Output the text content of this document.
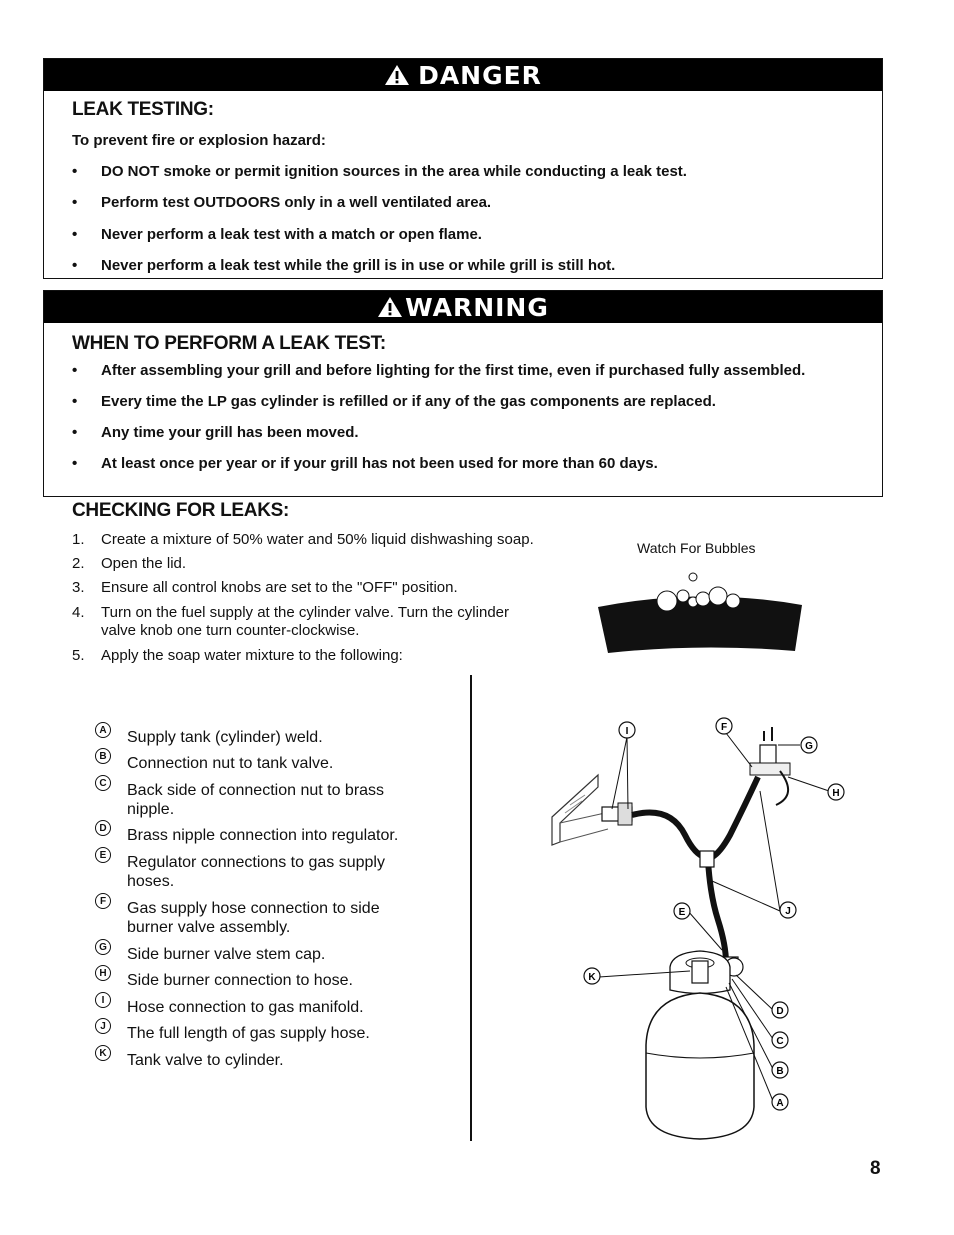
DANGER
LEAK TESTING:
To prevent fire or explosion hazard:
•	DO NOT smoke or permit ignition sources in the area while conducting a leak test.
•	Perform test OUTDOORS only in a well ventilated area.
•	Never perform a leak test with a match or open flame.
•	Never perform a leak test while the grill is in use or while grill is still hot.
WARNING
WHEN TO PERFORM A LEAK TEST:
•	After assembling your grill and before lighting for the first time, even if purchased fully assembled.
•	Every time the LP gas cylinder is refilled or if any of the gas components are replaced.
•	Any time your grill has been moved.
•	At least once per year or if your grill has not been used for more than 60 days.
CHECKING FOR LEAKS:
1.	Create a mixture of 50% water and 50% liquid dishwashing soap.
2.	Open the lid.
3.	Ensure all control knobs are set to the "OFF" position.
4.	Turn on the fuel supply at the cylinder valve. Turn the cylinder valve knob one turn counter-clockwise.
5.	Apply the soap water mixture to the following:
Watch For Bubbles
A Supply tank (cylinder) weld.
B Connection nut to tank valve.
C Back side of connection nut to brass nipple.
D Brass nipple connection into regulator.
E Regulator connections to gas supply hoses.
F	Gas supply hose connection to side burner valve assembly.
G Side burner valve stem cap.
H Side burner connection to hose.
I	Hose connection to gas manifold.
J	The full length of gas supply hose.
K Tank valve to cylinder.
I	F
G
H
J
E
K
D
C
B
A
8
